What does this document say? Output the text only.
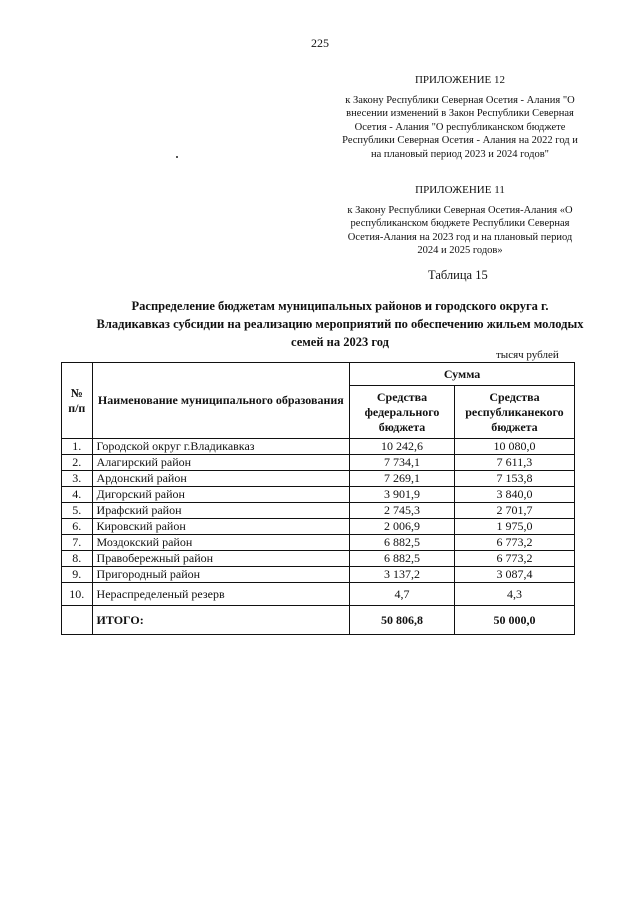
225
ПРИЛОЖЕНИЕ 12
к Закону Республики Северная Осетия - Алания "О внесении изменений в Закон Республики Северная Осетия - Алания "О республиканском бюджете Республики Северная Осетия - Алания на 2022 год и на плановый период 2023 и 2024 годов"
ПРИЛОЖЕНИЕ 11
к Закону Республики Северная Осетия-Алания «О республиканском бюджете Республики Северная Осетия-Алания на 2023 год и на плановый период 2024 и 2025 годов»
Таблица 15
Распределение бюджетам муниципальных районов и городского округа г. Владикавказ субсидии на реализацию мероприятий по обеспечению жильем молодых семей на 2023 год
тысяч рублей
№ п/п	Наименование муниципального образования	Сумма	
		Средства федерального бюджета	Средства республиканекого бюджета
1.	Городской округ г.Владикавказ	10 242,6	10 080,0
2.	Алагирский район	7 734,1	7 611,3
3.	Ардонский район	7 269,1	7 153,8
4.	Дигорский район	3 901,9	3 840,0
5.	Ирафский район	2 745,3	2 701,7
6.	Кировский район	2 006,9	1 975,0
7.	Моздокский район	6 882,5	6 773,2
8.	Правобережный район	6 882,5	6 773,2
9.	Пригородный район	3 137,2	3 087,4
10.	Нераспределеный резерв	4,7	4,3
	ИТОГО:	50 806,8	50 000,0
